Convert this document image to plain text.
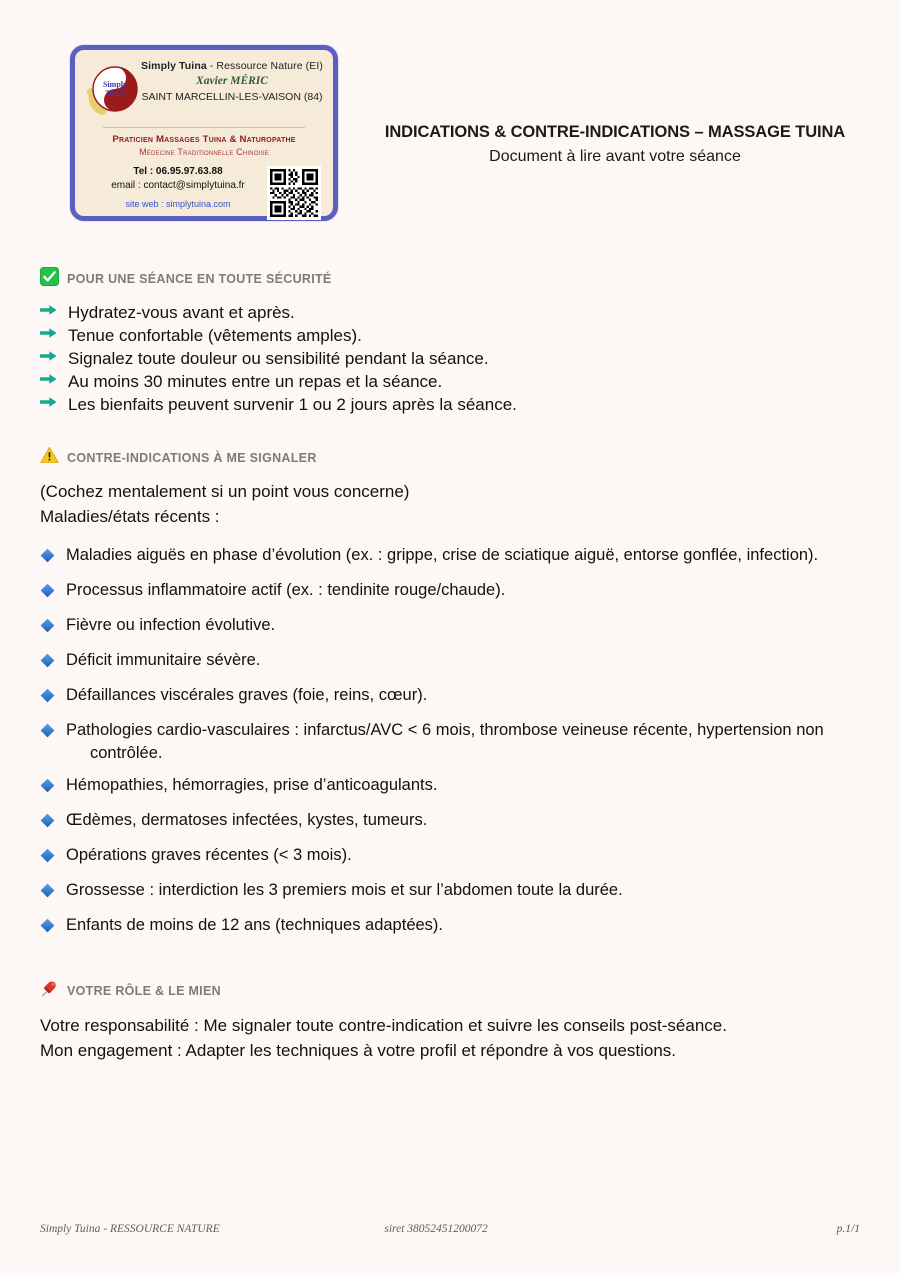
Simply
Tuina
Simply Tuina - Ressource Nature (EI)
Xavier MÉRIC
SAINT MARCELLIN-LES-VAISON (84)
Praticien Massages Tuina & Naturopathe
Médecine Traditionnelle Chinoise
Tel : 06.95.97.63.88
email : contact@simplytuina.fr
site web : simplytuina.com
INDICATIONS & CONTRE-INDICATIONS – MASSAGE TUINA
Document à lire avant votre séance
POUR UNE SÉANCE EN TOUTE SÉCURITÉ
Hydratez-vous avant et après.
Tenue confortable (vêtements amples).
Signalez toute douleur ou sensibilité pendant la séance.
Au moins 30 minutes entre un repas et la séance.
Les bienfaits peuvent survenir 1 ou 2 jours après la séance.
CONTRE-INDICATIONS À ME SIGNALER
(Cochez mentalement si un point vous concerne)
Maladies/états récents :
Maladies aiguës en phase d’évolution (ex. : grippe, crise de sciatique aiguë, entorse gonflée, infection).
Processus inflammatoire actif (ex. : tendinite rouge/chaude).
Fièvre ou infection évolutive.
Déficit immunitaire sévère.
Défaillances viscérales graves (foie, reins, cœur).
Pathologies cardio-vasculaires : infarctus/AVC < 6 mois, thrombose veineuse récente, hypertension non
contrôlée.
Hémopathies, hémorragies, prise d’anticoagulants.
Œdèmes, dermatoses infectées, kystes, tumeurs.
Opérations graves récentes (< 3 mois).
Grossesse : interdiction les 3 premiers mois et sur l’abdomen toute la durée.
Enfants de moins de 12 ans (techniques adaptées).
VOTRE RÔLE & LE MIEN
Votre responsabilité : Me signaler toute contre-indication et suivre les conseils post-séance.
Mon engagement : Adapter les techniques à votre profil et répondre à vos questions.
Simply Tuina - RESSOURCE NATURE	siret 38052451200072	p.1/1
